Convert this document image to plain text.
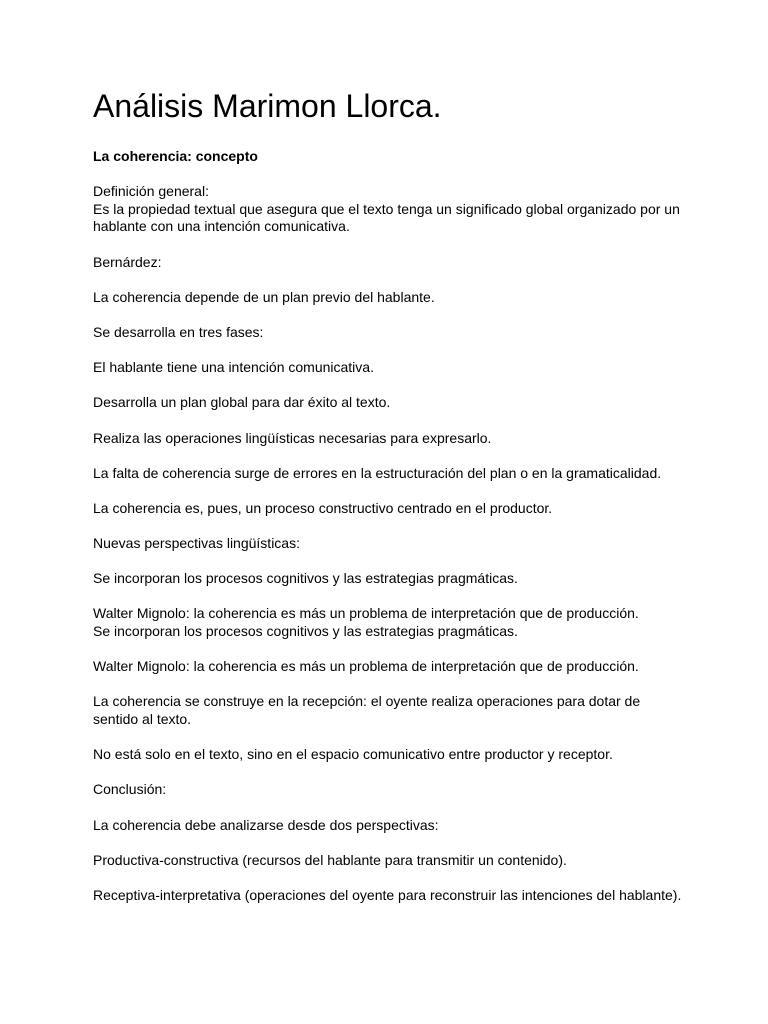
Análisis Marimon Llorca.
La coherencia: concepto
Definición general:
Es la propiedad textual que asegura que el texto tenga un significado global organizado por un hablante con una intención comunicativa.
Bernárdez:
La coherencia depende de un plan previo del hablante.
Se desarrolla en tres fases:
El hablante tiene una intención comunicativa.
Desarrolla un plan global para dar éxito al texto.
Realiza las operaciones lingüísticas necesarias para expresarlo.
La falta de coherencia surge de errores en la estructuración del plan o en la gramaticalidad.
La coherencia es, pues, un proceso constructivo centrado en el productor.
Nuevas perspectivas lingüísticas:
Se incorporan los procesos cognitivos y las estrategias pragmáticas.
Walter Mignolo: la coherencia es más un problema de interpretación que de producción.
Se incorporan los procesos cognitivos y las estrategias pragmáticas.
Walter Mignolo: la coherencia es más un problema de interpretación que de producción.
La coherencia se construye en la recepción: el oyente realiza operaciones para dotar de sentido al texto.
No está solo en el texto, sino en el espacio comunicativo entre productor y receptor.
Conclusión:
La coherencia debe analizarse desde dos perspectivas:
Productiva-constructiva (recursos del hablante para transmitir un contenido).
Receptiva-interpretativa (operaciones del oyente para reconstruir las intenciones del hablante).
